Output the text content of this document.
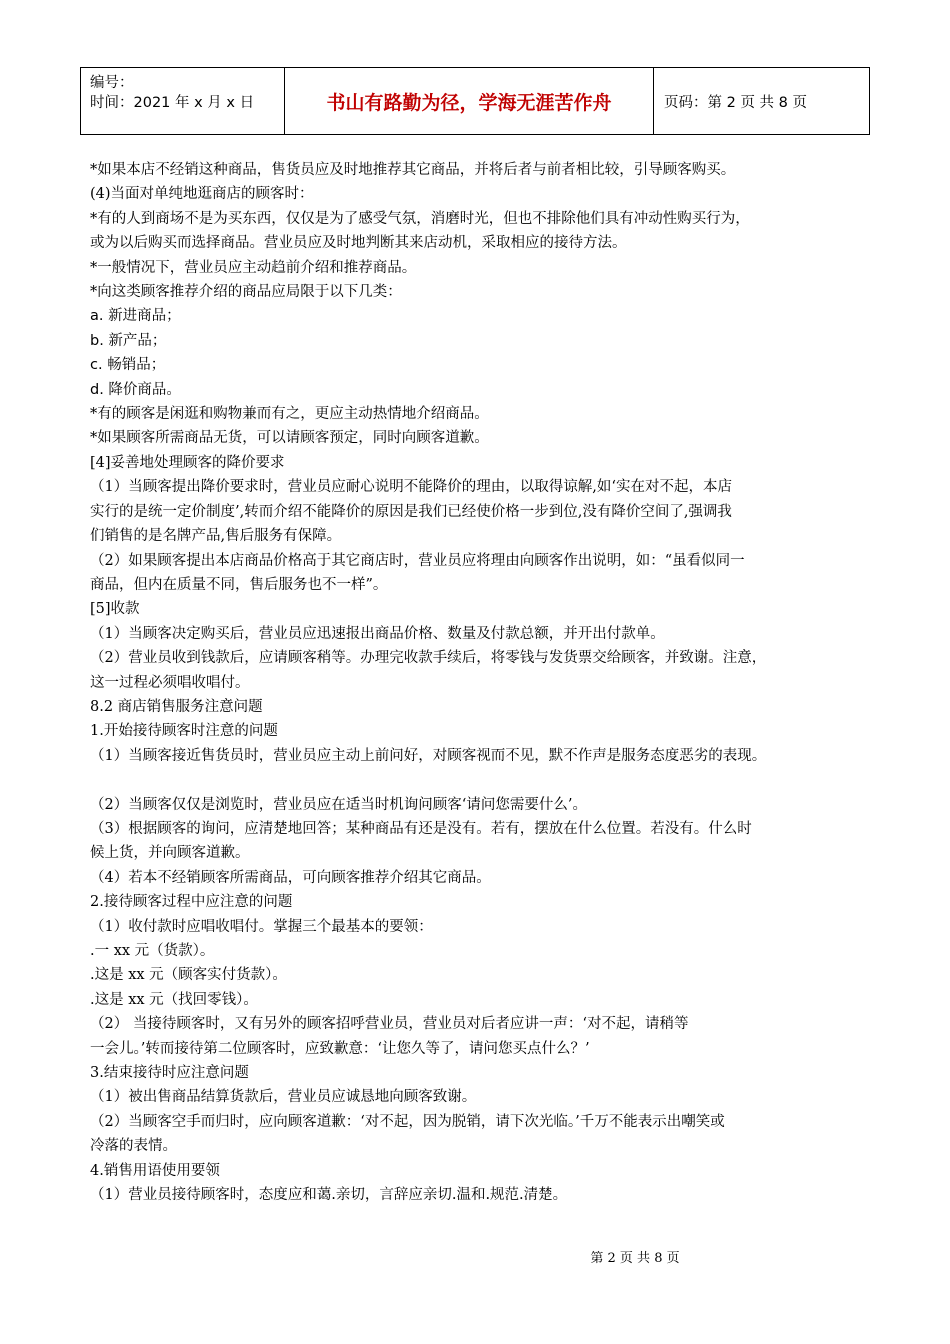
编号：
时间：2021 年 x 月 x 日	书山有路勤为径，学海无涯苦作舟	页码：第 2 页 共 8 页

*如果本店不经销这种商品，售货员应及时地推荐其它商品，并将后者与前者相比较，引导顾客购买。

(4)当面对单纯地逛商店的顾客时：

*有的人到商场不是为买东西，仅仅是为了感受气氛，消磨时光，但也不排除他们具有冲动性购买行为，

或为以后购买而选择商品。营业员应及时地判断其来店动机，采取相应的接待方法。

*一般情况下，营业员应主动趋前介绍和推荐商品。

*向这类顾客推荐介绍的商品应局限于以下几类：

a. 新进商品；

b. 新产品；

c. 畅销品；

d. 降价商品。

*有的顾客是闲逛和购物兼而有之，更应主动热情地介绍商品。

*如果顾客所需商品无货，可以请顾客预定，同时向顾客道歉。

[4]妥善地处理顾客的降价要求

（1）当顾客提出降价要求时，营业员应耐心说明不能降价的理由，以取得谅解,如‘实在对不起，本店

实行的是统一定价制度’,转而介绍不能降价的原因是我们已经使价格一步到位,没有降价空间了,强调我

们销售的是名牌产品,售后服务有保障。

（2）如果顾客提出本店商品价格高于其它商店时，营业员应将理由向顾客作出说明，如：“虽看似同一

商品，但内在质量不同，售后服务也不一样”。

[5]收款

（1）当顾客决定购买后，营业员应迅速报出商品价格、数量及付款总额，并开出付款单。

（2）营业员收到钱款后，应请顾客稍等。办理完收款手续后，将零钱与发货票交给顾客，并致谢。注意，

这一过程必须唱收唱付。

8.2 商店销售服务注意问题

1.开始接待顾客时注意的问题

（1）当顾客接近售货员时，营业员应主动上前问好，对顾客视而不见，默不作声是服务态度恶劣的表现。

（2）当顾客仅仅是浏览时，营业员应在适当时机询问顾客‘请问您需要什么’。

（3）根据顾客的询问，应清楚地回答；某种商品有还是没有。若有，摆放在什么位置。若没有。什么时

候上货，并向顾客道歉。

（4）若本不经销顾客所需商品，可向顾客推荐介绍其它商品。

2.接待顾客过程中应注意的问题

（1）收付款时应唱收唱付。掌握三个最基本的要领：

.一 xx 元（货款）。

.这是 xx 元（顾客实付货款）。

.这是 xx 元（找回零钱）。

（2） 当接待顾客时，又有另外的顾客招呼营业员，营业员对后者应讲一声：‘对不起，请稍等

一会儿。’转而接待第二位顾客时，应致歉意：‘让您久等了，请问您买点什么？’

3.结束接待时应注意问题

（1）被出售商品结算货款后，营业员应诚恳地向顾客致谢。

（2）当顾客空手而归时，应向顾客道歉：‘对不起，因为脱销，请下次光临。’千万不能表示出嘲笑或

冷落的表情。

4.销售用语使用要领

（1）营业员接待顾客时，态度应和蔼.亲切，言辞应亲切.温和.规范.清楚。

第 2 页 共 8 页
